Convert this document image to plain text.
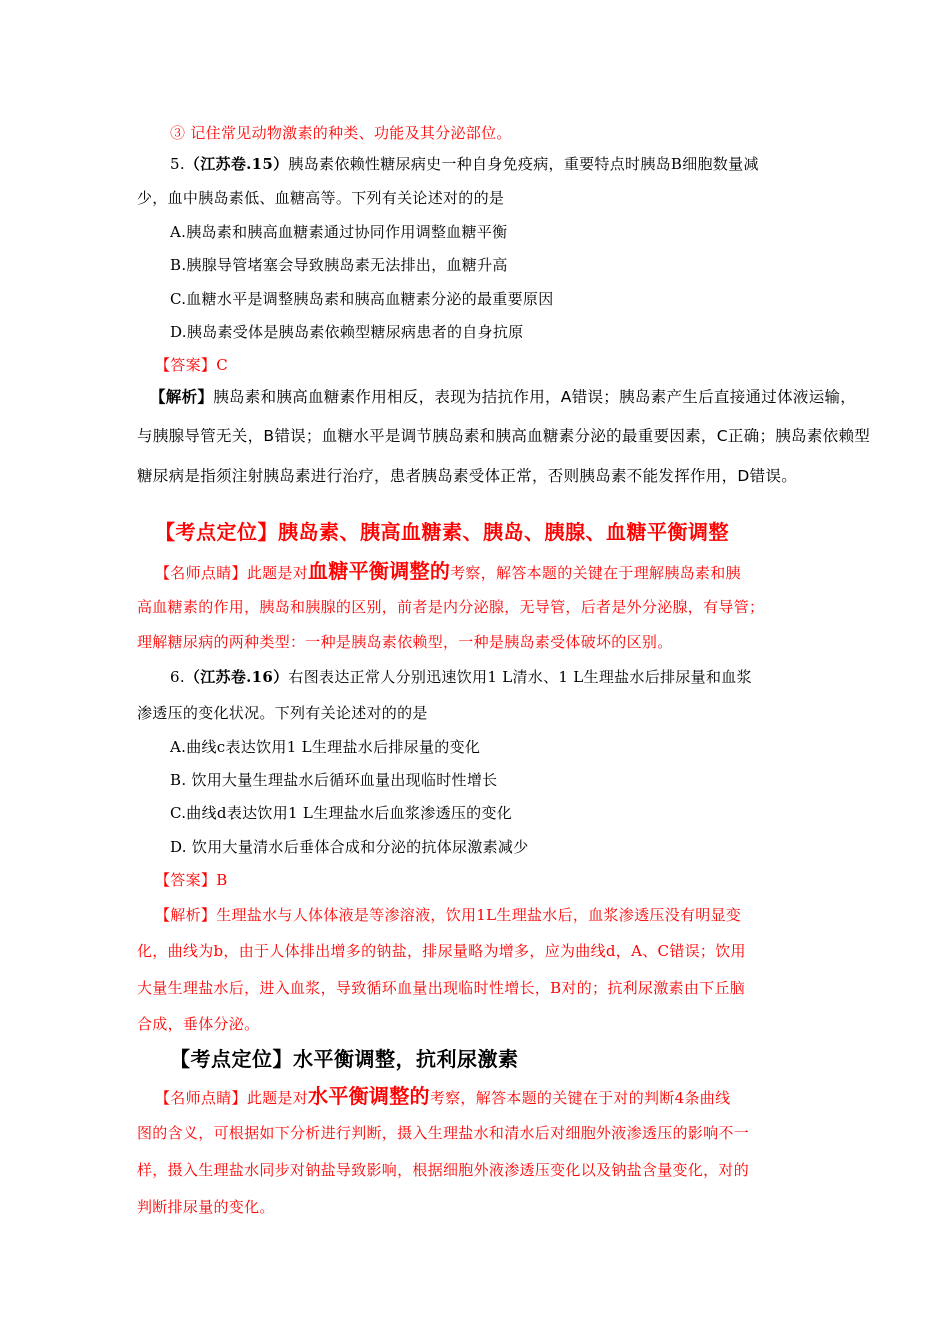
③ 记住常见动物激素的种类、功能及其分泌部位。
5.（江苏卷.15）胰岛素依赖性糖尿病史一种自身免疫病，重要特点时胰岛B细胞数量减
少，血中胰岛素低、血糖高等。下列有关论述对的的是
A.胰岛素和胰高血糖素通过协同作用调整血糖平衡
B.胰腺导管堵塞会导致胰岛素无法排出，血糖升高
C.血糖水平是调整胰岛素和胰高血糖素分泌的最重要原因
D.胰岛素受体是胰岛素依赖型糖尿病患者的自身抗原
【答案】C
【解析】胰岛素和胰高血糖素作用相反，表现为拮抗作用，A错误；胰岛素产生后直接通过体液运输，
与胰腺导管无关，B错误；血糖水平是调节胰岛素和胰高血糖素分泌的最重要因素，C正确；胰岛素依赖型
糖尿病是指须注射胰岛素进行治疗，患者胰岛素受体正常，否则胰岛素不能发挥作用，D错误。
【考点定位】胰岛素、胰高血糖素、胰岛、胰腺、血糖平衡调整
【名师点睛】此题是对血糖平衡调整的考察，解答本题的关键在于理解胰岛素和胰
高血糖素的作用，胰岛和胰腺的区别，前者是内分泌腺，无导管，后者是外分泌腺，有导管；
理解糖尿病的两种类型：一种是胰岛素依赖型，一种是胰岛素受体破坏的区别。
6.（江苏卷.16）右图表达正常人分别迅速饮用1 L清水、1 L生理盐水后排尿量和血浆
渗透压的变化状况。下列有关论述对的的是
A.曲线c表达饮用1 L生理盐水后排尿量的变化
B. 饮用大量生理盐水后循环血量出现临时性增长
C.曲线d表达饮用1 L生理盐水后血浆渗透压的变化
D. 饮用大量清水后垂体合成和分泌的抗体尿激素减少
【答案】B
【解析】生理盐水与人体体液是等渗溶液，饮用1L生理盐水后，血浆渗透压没有明显变
化，曲线为b，由于人体排出增多的钠盐，排尿量略为增多，应为曲线d，A、C错误；饮用
大量生理盐水后，进入血浆，导致循环血量出现临时性增长，B对的；抗利尿激素由下丘脑
合成，垂体分泌。
【考点定位】水平衡调整，抗利尿激素
【名师点睛】此题是对水平衡调整的考察，解答本题的关键在于对的判断4条曲线
图的含义，可根据如下分析进行判断，摄入生理盐水和清水后对细胞外液渗透压的影响不一
样，摄入生理盐水同步对钠盐导致影响，根据细胞外液渗透压变化以及钠盐含量变化，对的
判断排尿量的变化。
